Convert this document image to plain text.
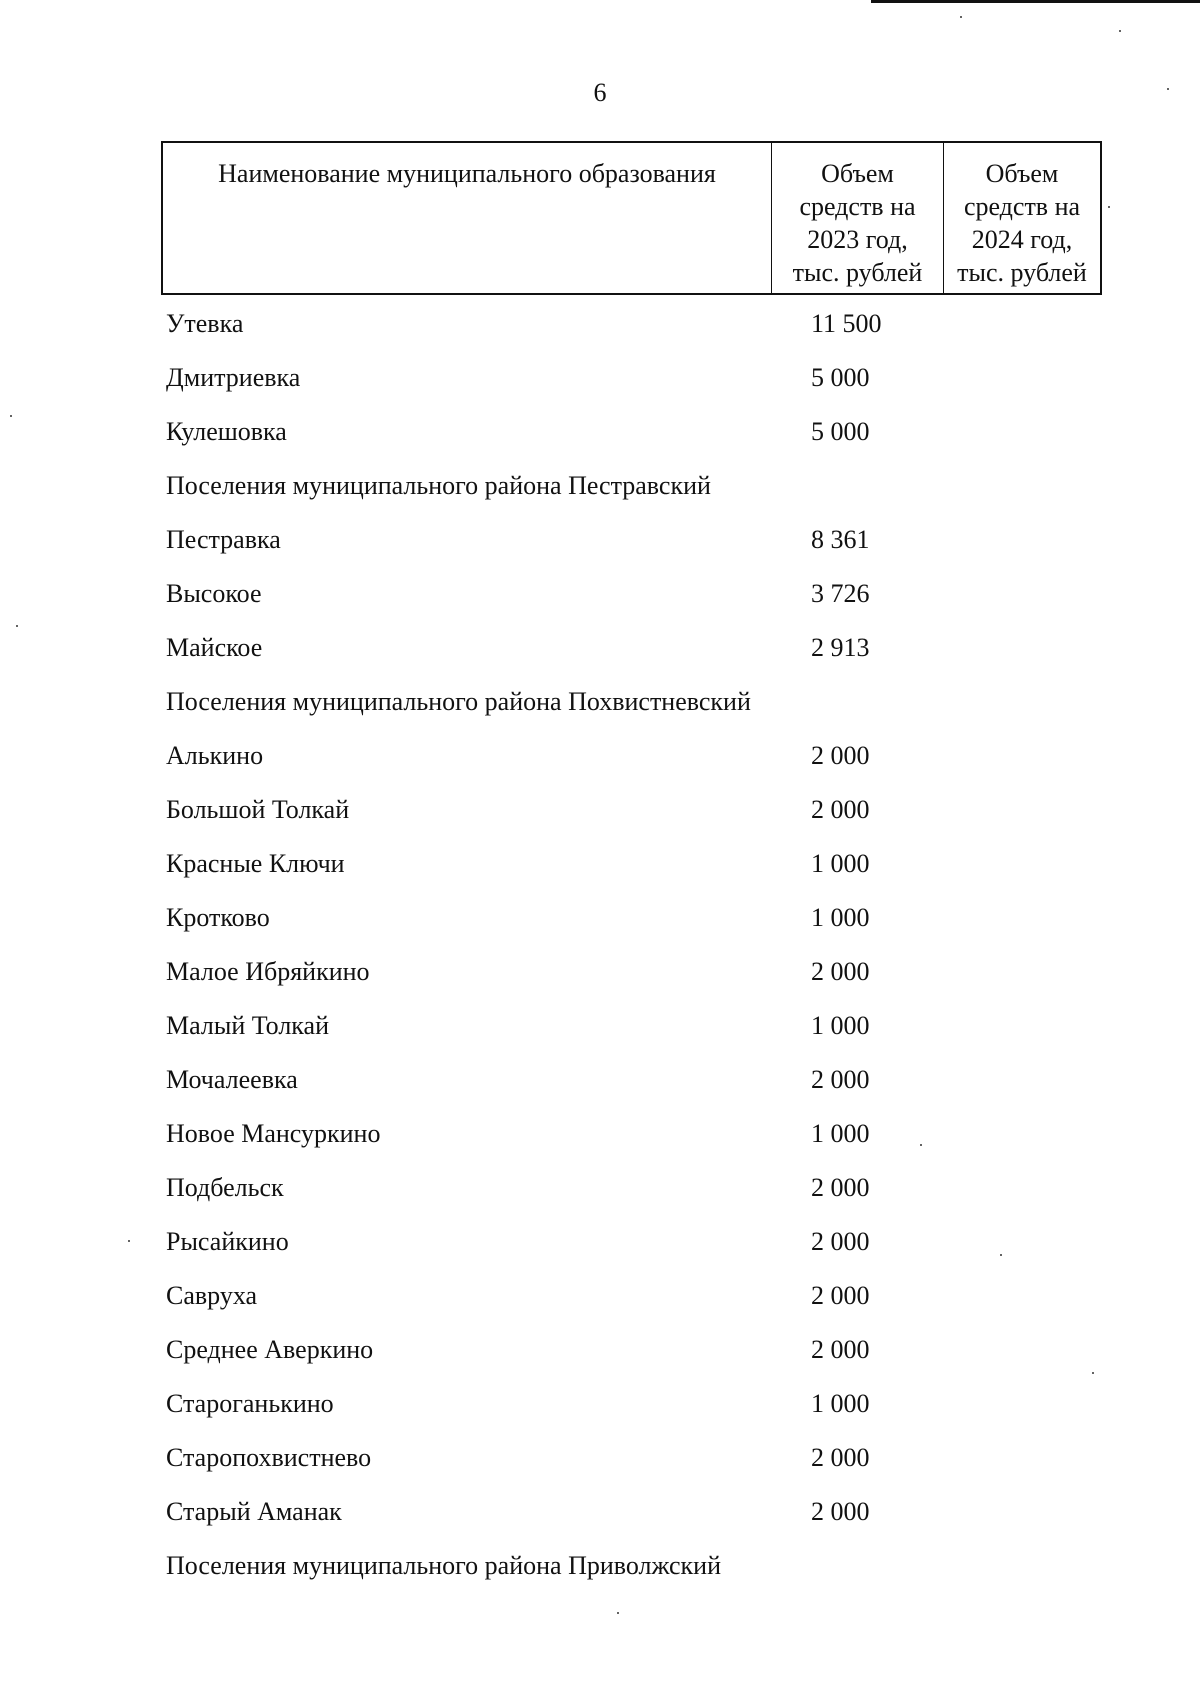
6
Наименование муниципального образования	Объем
средств на
2023 год,
тыс. рублей
Объем
средств на
2024 год,
тыс. рублей
Утевка	11 500
Дмитриевка	5 000
Кулешовка	5 000
Поселения муниципального района Пестравский
Пестравка	8 361
Высокое	3 726
Майское	2 913
Поселения муниципального района Похвистневский
Алькино	2 000
Большой Толкай	2 000
Красные Ключи	1 000
Кротково	1 000
Малое Ибряйкино	2 000
Малый Толкай	1 000
Мочалеевка	2 000
Новое Мансуркино	1 000
Подбельск	2 000
Рысайкино	2 000
Савруха	2 000
Среднее Аверкино	2 000
Староганькино	1 000
Старопохвистнево	2 000
Старый Аманак	2 000
Поселения муниципального района Приволжский
